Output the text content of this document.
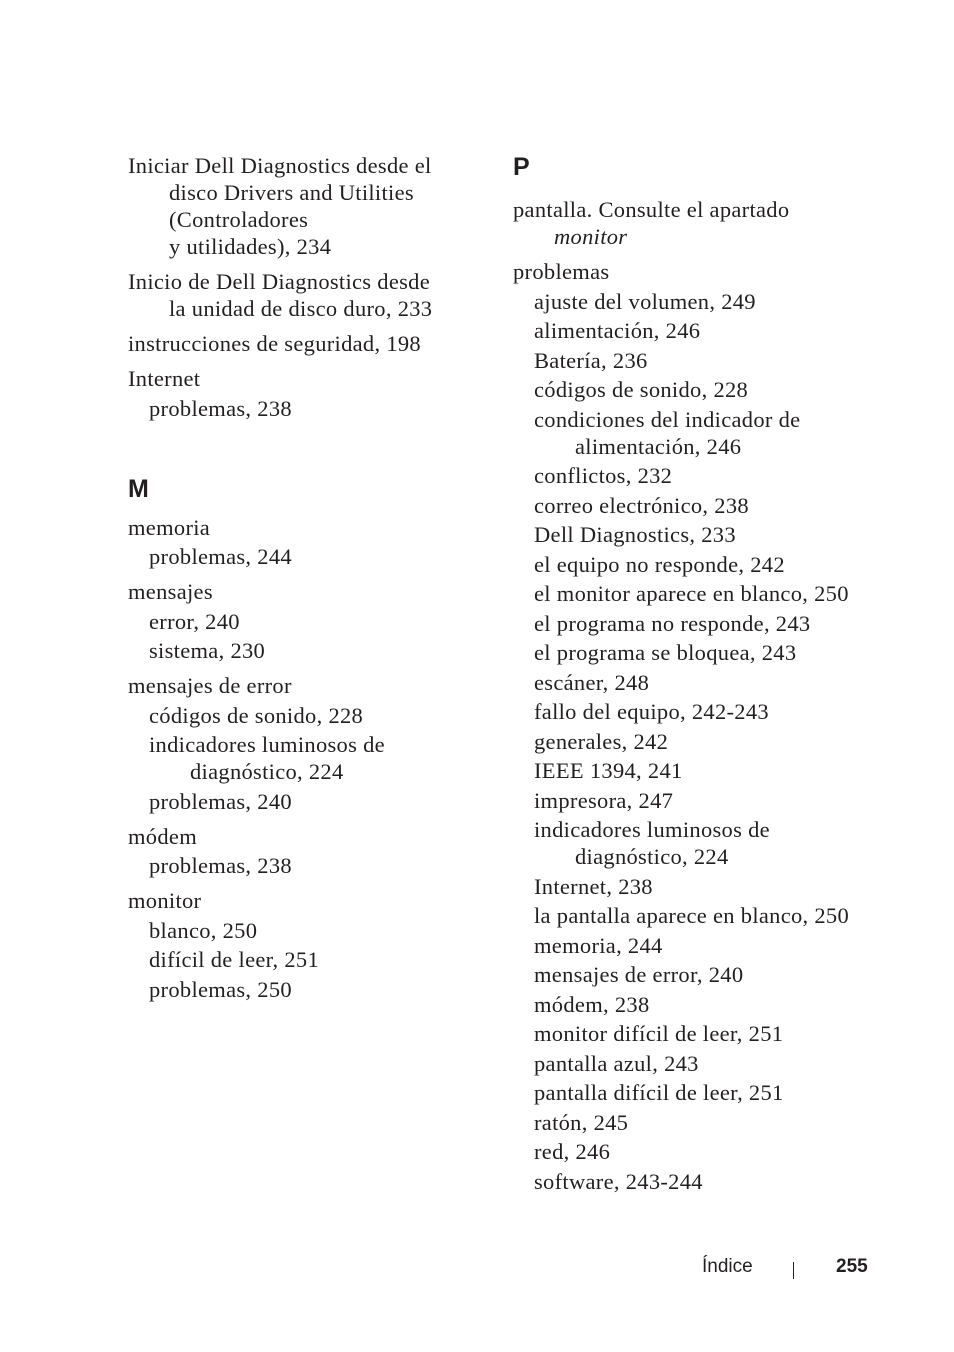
Iniciar Dell Diagnostics desde el
disco Drivers and Utilities
(Controladores
y utilidades), 234
Inicio de Dell Diagnostics desde
la unidad de disco duro, 233
instrucciones de seguridad, 198
Internet
problemas, 238
M
memoria
problemas, 244
mensajes
error, 240
sistema, 230
mensajes de error
códigos de sonido, 228
indicadores luminosos de
diagnóstico, 224
problemas, 240
módem
problemas, 238
monitor
blanco, 250
difícil de leer, 251
problemas, 250
P
pantalla. Consulte el apartado
monitor
problemas
ajuste del volumen, 249
alimentación, 246
Batería, 236
códigos de sonido, 228
condiciones del indicador de
alimentación, 246
conflictos, 232
correo electrónico, 238
Dell Diagnostics, 233
el equipo no responde, 242
el monitor aparece en blanco, 250
el programa no responde, 243
el programa se bloquea, 243
escáner, 248
fallo del equipo, 242-243
generales, 242
IEEE 1394, 241
impresora, 247
indicadores luminosos de
diagnóstico, 224
Internet, 238
la pantalla aparece en blanco, 250
memoria, 244
mensajes de error, 240
módem, 238
monitor difícil de leer, 251
pantalla azul, 243
pantalla difícil de leer, 251
ratón, 245
red, 246
software, 243-244
Índice	255
